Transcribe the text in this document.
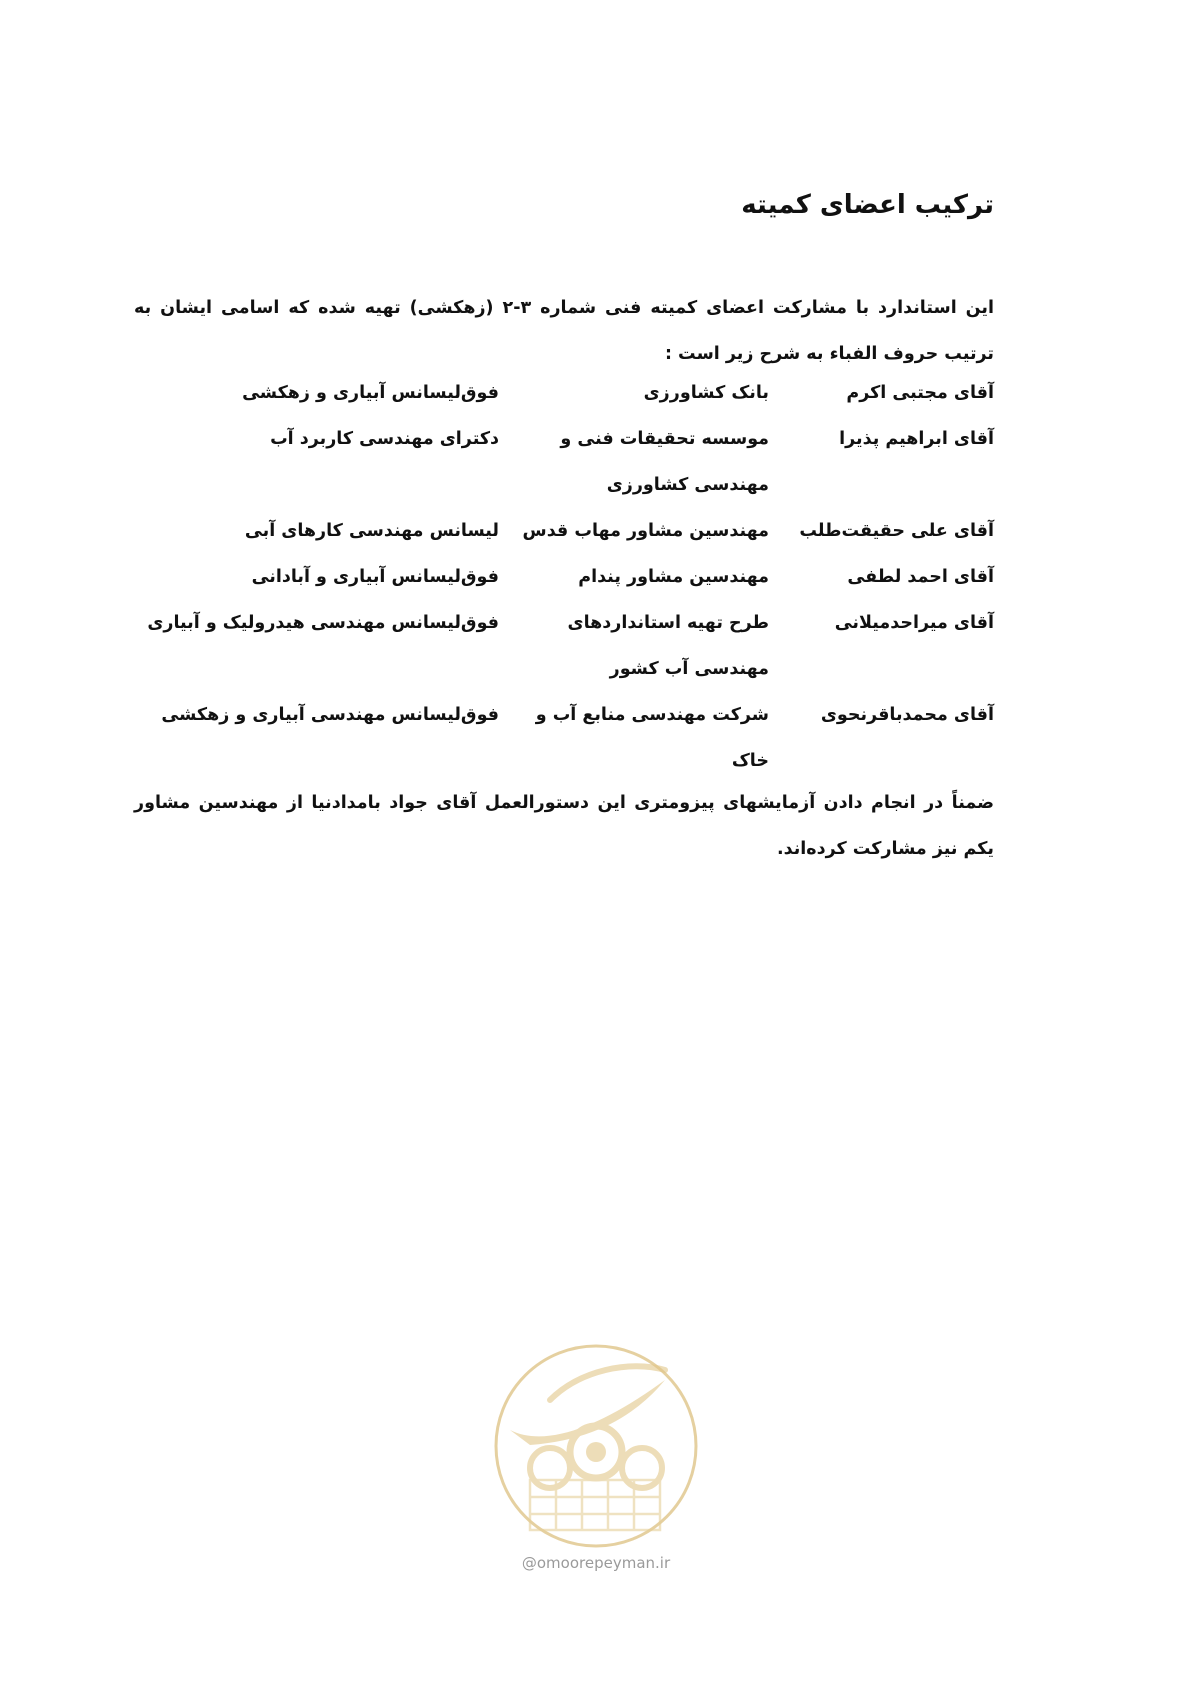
ترکیب اعضای کمیته

این استاندارد با مشارکت اعضای کمیته فنی شماره ۳-۲ (زهکشی) تهیه شده که اسامی ایشان به ترتیب حروف الفباء به شرح زیر است :

آقای مجتبی اکرم
بانک کشاورزی
فوق‌لیسانس آبیاری و زهکشی
آقای ابراهیم پذیرا
موسسه تحقیقات فنی و مهندسی کشاورزی
دکترای مهندسی کاربرد آب
آقای علی حقیقت‌طلب
مهندسین مشاور مهاب قدس
لیسانس مهندسی کارهای آبی
آقای احمد لطفی
مهندسین مشاور پندام
فوق‌لیسانس آبیاری و آبادانی
آقای میراحدمیلانی
طرح تهیه استانداردهای مهندسی آب کشور
فوق‌لیسانس مهندسی هیدرولیک و آبیاری
آقای محمدباقرنحوی
شرکت مهندسی منابع آب و خاک
فوق‌لیسانس مهندسی آبیاری و زهکشی

ضمناً در انجام دادن آزمایشهای پیزومتری این دستورالعمل آقای جواد بامدادنیا از مهندسین مشاور یکم نیز مشارکت کرده‌اند.

@omoorepeyman.ir
